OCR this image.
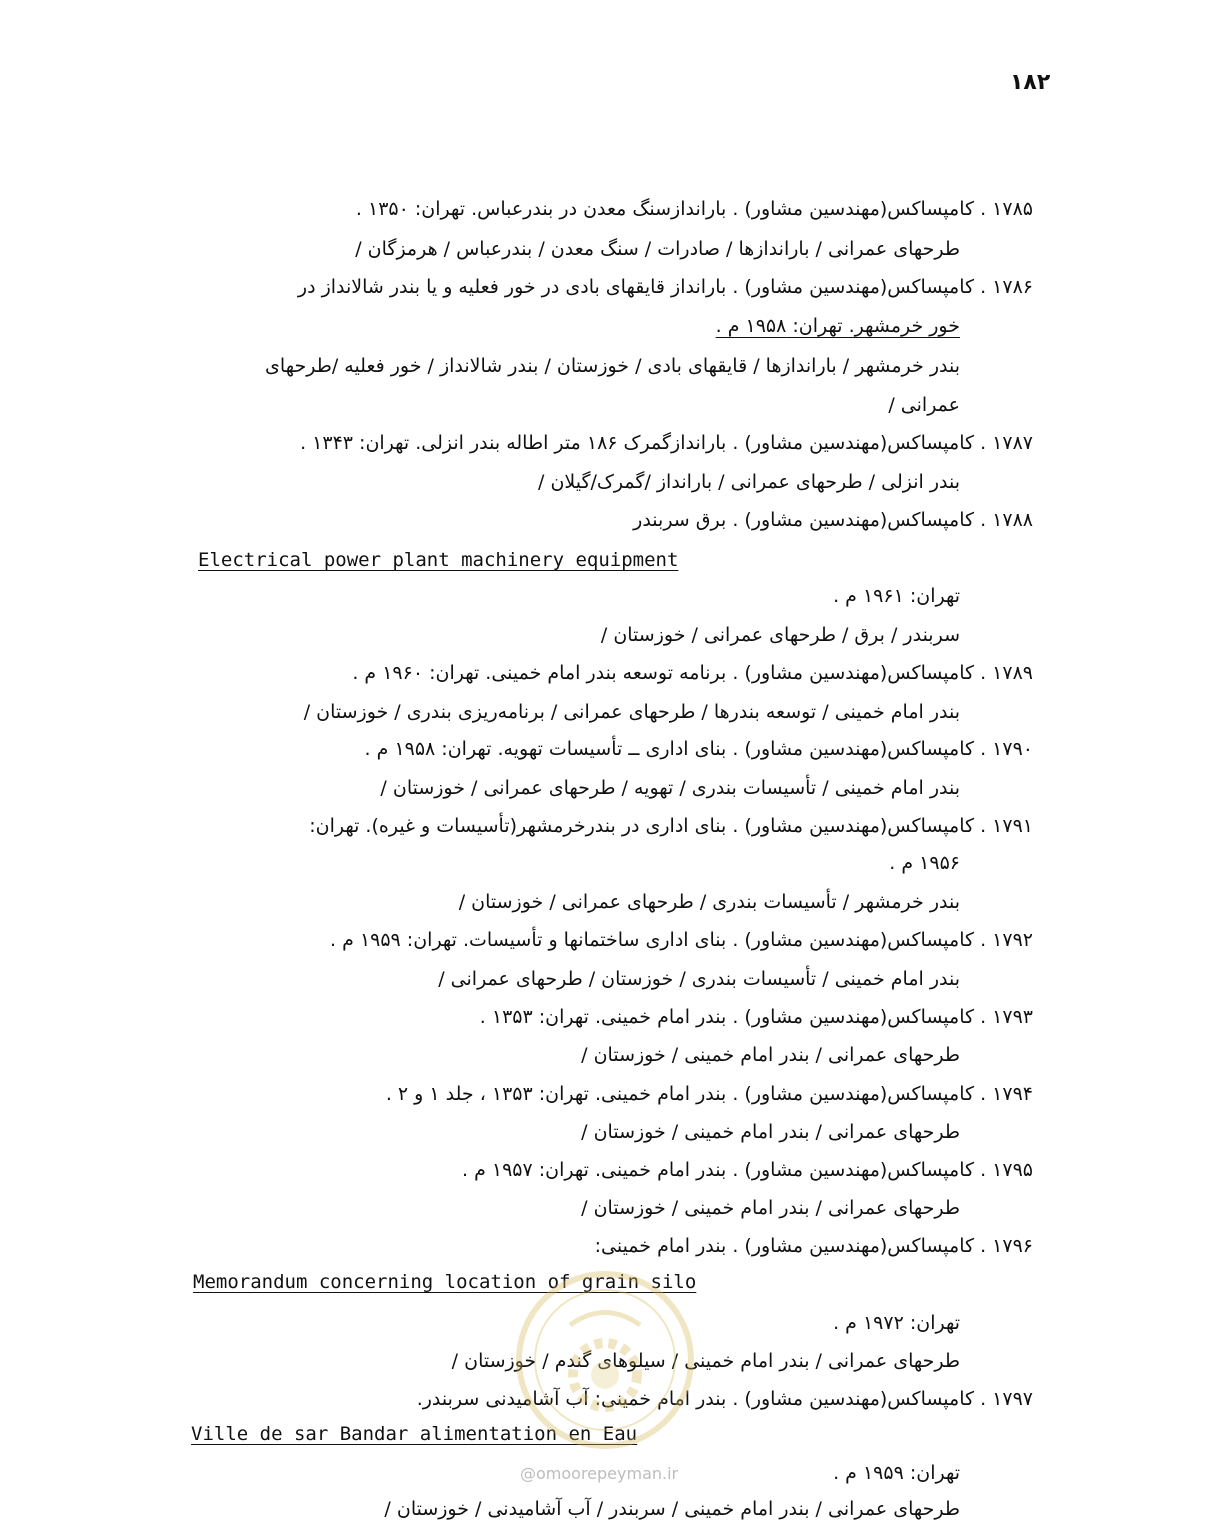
۱۸۲
۱۷۸۵ . کامپساکس(مهندسین مشاور) . باراندازسنگ معدن در بندرعباس. تهران: ۱۳۵۰ .
طرحهای عمرانی / باراندازها / صادرات / سنگ معدن / بندرعباس / هرمزگان /
۱۷۸۶ . کامپساکس(مهندسین مشاور) . بارانداز قایقهای بادی در خور فعلیه و یا بندر شالانداز در
خور خرمشهر. تهران: ۱۹۵۸ م .
بندر خرمشهر / باراندازها / قایقهای بادی / خوزستان / بندر شالانداز / خور فعلیه /طرحهای
عمرانی /
۱۷۸۷ . کامپساکس(مهندسین مشاور) . باراندازگمرک ۱۸۶ متر اطاله بندر انزلی. تهران: ۱۳۴۳ .
بندر انزلی / طرحهای عمرانی / بارانداز /گمرک/گیلان /
۱۷۸۸ . کامپساکس(مهندسین مشاور) . برق سربندر
Electrical power plant machinery equipment
تهران: ۱۹۶۱ م .
سربندر / برق / طرحهای عمرانی / خوزستان /
۱۷۸۹ . کامپساکس(مهندسین مشاور) . برنامه توسعه بندر امام خمینی. تهران: ۱۹۶۰ م .
بندر امام خمینی / توسعه بندرها / طرحهای عمرانی / برنامه‌ریزی بندری / خوزستان /
۱۷۹۰ . کامپساکس(مهندسین مشاور) . بنای اداری ــ تأسیسات تهویه. تهران: ۱۹۵۸ م .
بندر امام خمینی / تأسیسات بندری / تهویه / طرحهای عمرانی / خوزستان /
۱۷۹۱ . کامپساکس(مهندسین مشاور) . بنای اداری در بندرخرمشهر(تأسیسات و غیره). تهران:
۱۹۵۶ م .
بندر خرمشهر / تأسیسات بندری / طرحهای عمرانی / خوزستان /
۱۷۹۲ . کامپساکس(مهندسین مشاور) . بنای اداری ساختمانها و تأسیسات. تهران: ۱۹۵۹ م .
بندر امام خمینی / تأسیسات بندری / خوزستان / طرحهای عمرانی /
۱۷۹۳ . کامپساکس(مهندسین مشاور) . بندر امام خمینی. تهران: ۱۳۵۳ .
طرحهای عمرانی / بندر امام خمینی / خوزستان /
۱۷۹۴ . کامپساکس(مهندسین مشاور) . بندر امام خمینی. تهران: ۱۳۵۳ ، جلد ۱ و ۲ .
طرحهای عمرانی / بندر امام خمینی / خوزستان /
۱۷۹۵ . کامپساکس(مهندسین مشاور) . بندر امام خمینی. تهران: ۱۹۵۷ م .
طرحهای عمرانی / بندر امام خمینی / خوزستان /
۱۷۹۶ . کامپساکس(مهندسین مشاور) . بندر امام خمینی:
Memorandum concerning location of grain silo
تهران: ۱۹۷۲ م .
طرحهای عمرانی / بندر امام خمینی / سیلوهای گندم / خوزستان /
۱۷۹۷ . کامپساکس(مهندسین مشاور) . بندر امام خمینی: آب آشامیدنی سربندر.
Ville de sar Bandar alimentation en Eau
تهران: ۱۹۵۹ م .
طرحهای عمرانی / بندر امام خمینی / سربندر / آب آشامیدنی / خوزستان /
@omoorepeyman.ir
